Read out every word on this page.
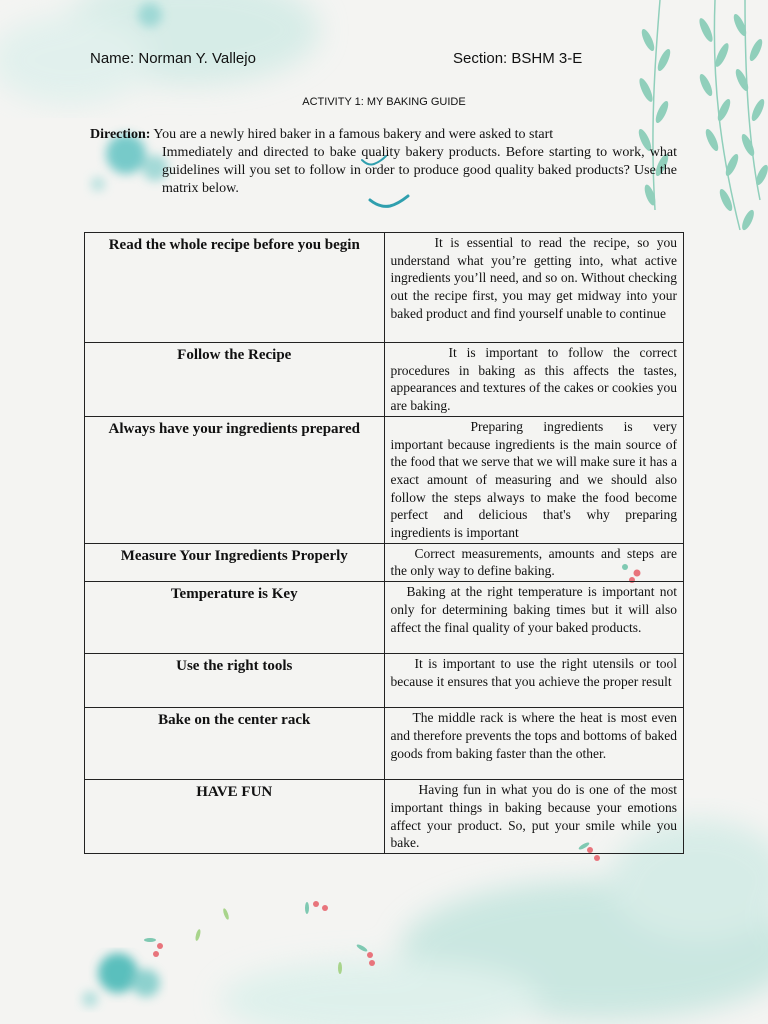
Name: Norman Y. Vallejo	Section: BSHM 3-E
ACTIVITY 1: MY BAKING GUIDE
Direction: You are a newly hired baker in a famous bakery and were asked to start
Immediately and directed to bake quality bakery products. Before starting to work, what guidelines will you set to follow in order to produce good quality baked products? Use the matrix below.
Read the whole recipe before you begin	It is essential to read the recipe, so you understand what you’re getting into, what active ingredients you’ll need, and so on. Without checking out the recipe first, you may get midway into your baked product and find yourself unable to continue
Follow the Recipe	It is important to follow the correct procedures in baking as this affects the tastes, appearances and textures of the cakes or cookies you are baking.
Always have your ingredients prepared	Preparing ingredients is very important because ingredients is the main source of the food that we serve that we will make sure it has a exact amount of measuring and we should also follow the steps always to make the food become perfect and delicious that's why preparing ingredients is important
Measure Your Ingredients Properly	Correct measurements, amounts and steps are the only way to define baking.
Temperature is Key	Baking at the right temperature is important not only for determining baking times but it will also affect the final quality of your baked products.
Use the right tools	It is important to use the right utensils or tool because it ensures that you achieve the proper result
Bake on the center rack	The middle rack is where the heat is most even and therefore prevents the tops and bottoms of baked goods from baking faster than the other.
HAVE FUN	Having fun in what you do is one of the most important things in baking because your emotions affect your product. So, put your smile while you bake.
